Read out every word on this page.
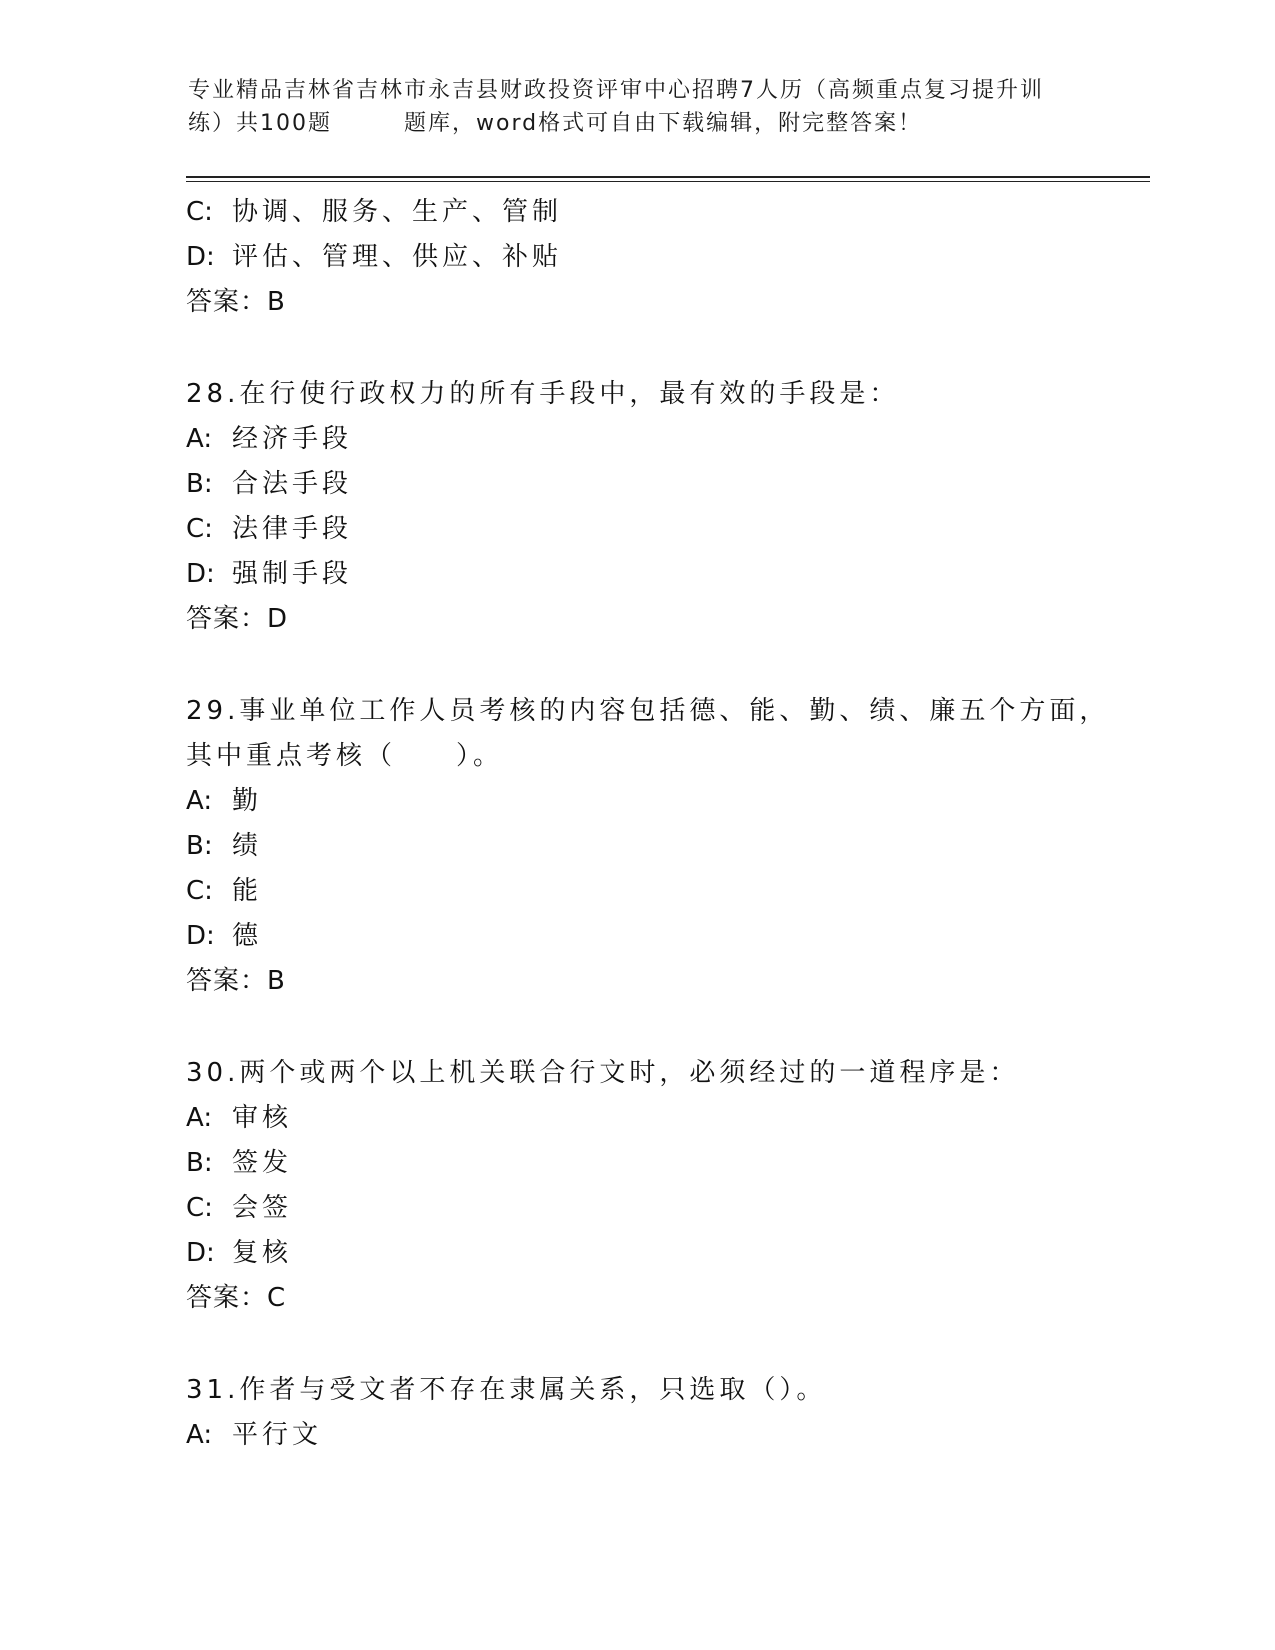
专业精品吉林省吉林市永吉县财政投资评审中心招聘7人历（高频重点复习提升训
练）共100题　　　题库，word格式可自由下载编辑，附完整答案！
C: 协调、服务、生产、管制
D: 评估、管理、供应、补贴
答案：B
28.在行使行政权力的所有手段中，最有效的手段是：
A: 经济手段
B: 合法手段
C: 法律手段
D: 强制手段
答案：D
29.事业单位工作人员考核的内容包括德、能、勤、绩、廉五个方面，
其中重点考核（　　）。
A: 勤
B: 绩
C: 能
D: 德
答案：B
30.两个或两个以上机关联合行文时，必须经过的一道程序是：
A: 审核
B: 签发
C: 会签
D: 复核
答案：C
31.作者与受文者不存在隶属关系，只选取（）。
A: 平行文
